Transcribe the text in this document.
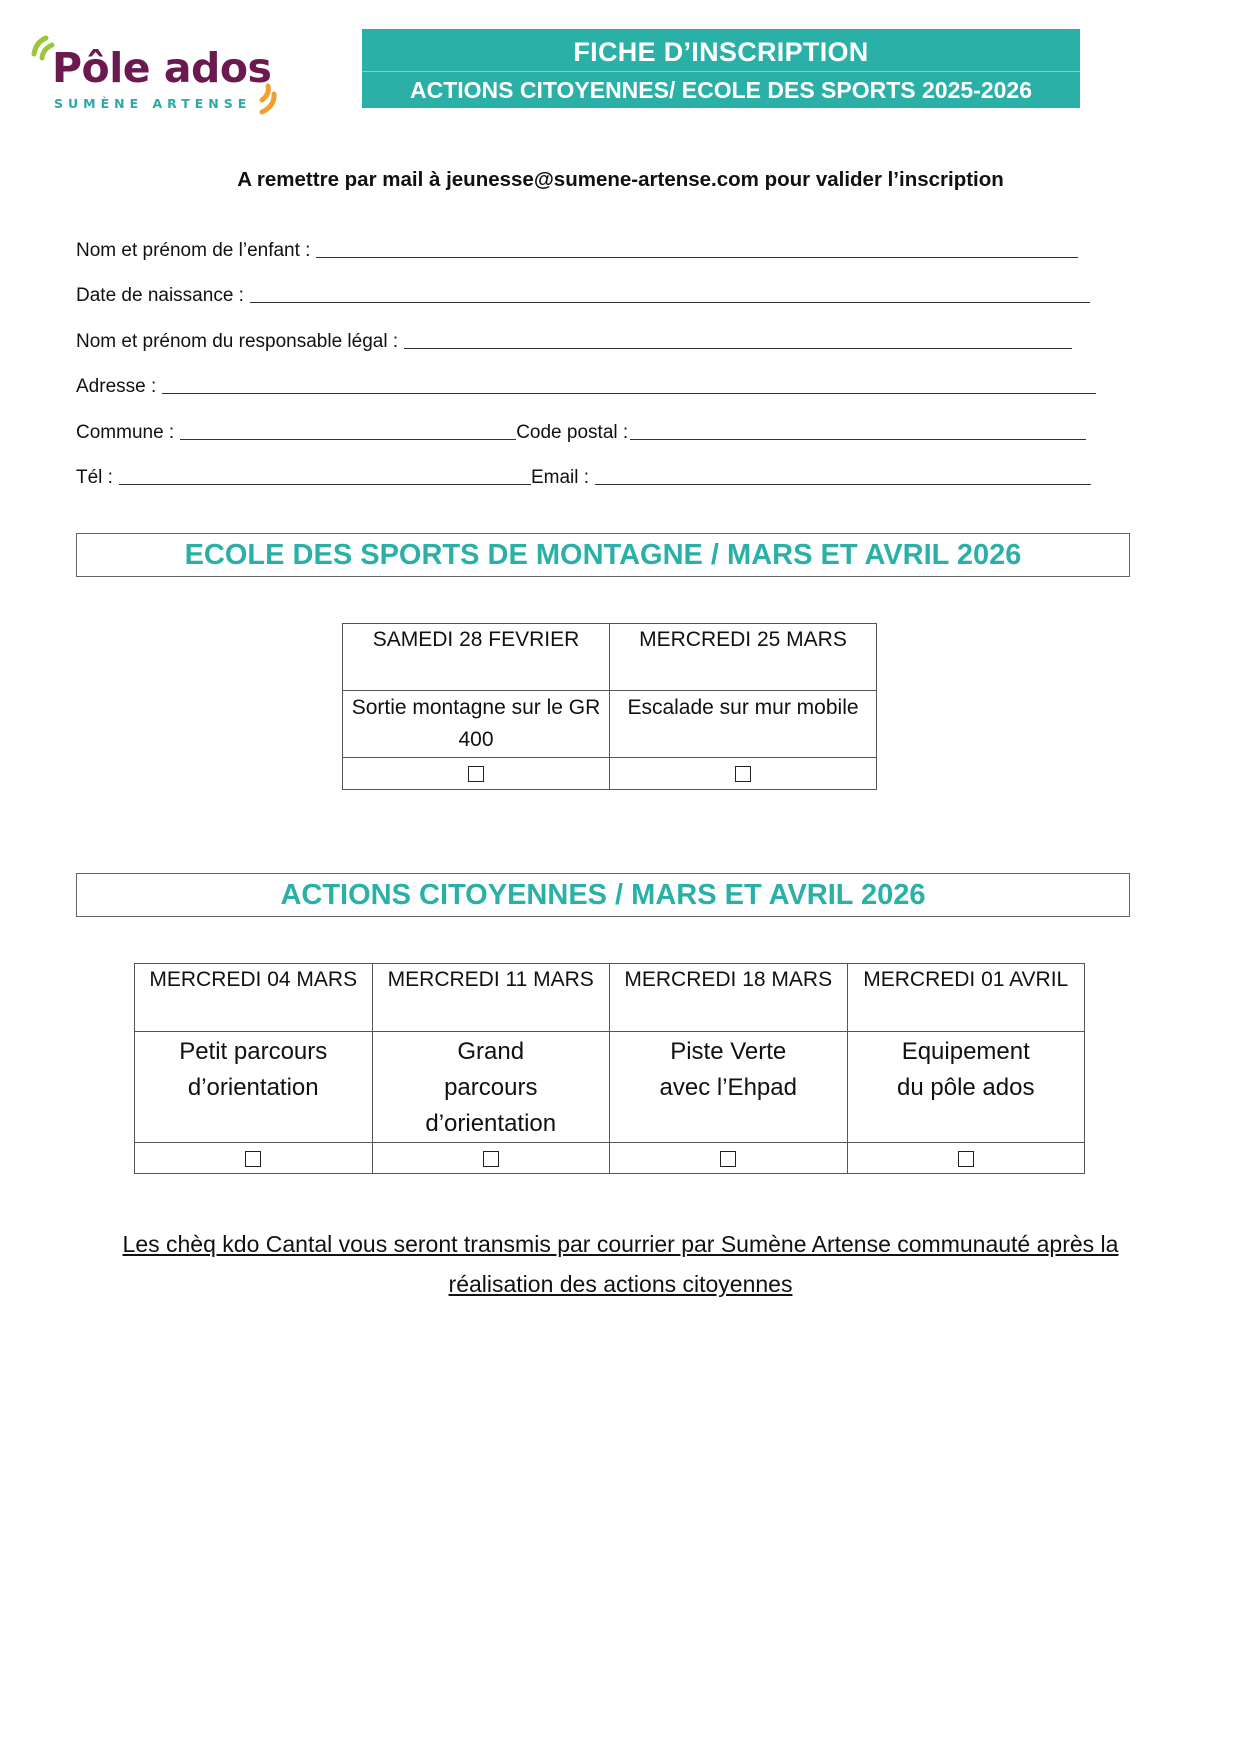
Pôle ados
SUMÈNE ARTENSE
FICHE D’INSCRIPTION
ACTIONS CITOYENNES/ ECOLE DES SPORTS 2025-2026
A remettre par mail à jeunesse@sumene-artense.com pour valider l’inscription
Nom et prénom de l’enfant :
Date de naissance :
Nom et prénom du responsable légal :
Adresse :
Commune :	Code postal :
Tél :	Email :
ECOLE DES SPORTS DE MONTAGNE / MARS ET AVRIL 2026
SAMEDI 28 FEVRIER	MERCREDI 25 MARS
Sortie montagne sur le GR 400	Escalade sur mur mobile

ACTIONS CITOYENNES / MARS ET AVRIL 2026
MERCREDI 04 MARS	MERCREDI 11 MARS	MERCREDI 18 MARS	MERCREDI 01 AVRIL
Petit parcours d’orientation	Grand parcours d’orientation	Piste Verte avec l’Ehpad	Equipement du pôle ados

Les chèq kdo Cantal vous seront transmis par courrier par Sumène Artense communauté après la réalisation des actions citoyennes
